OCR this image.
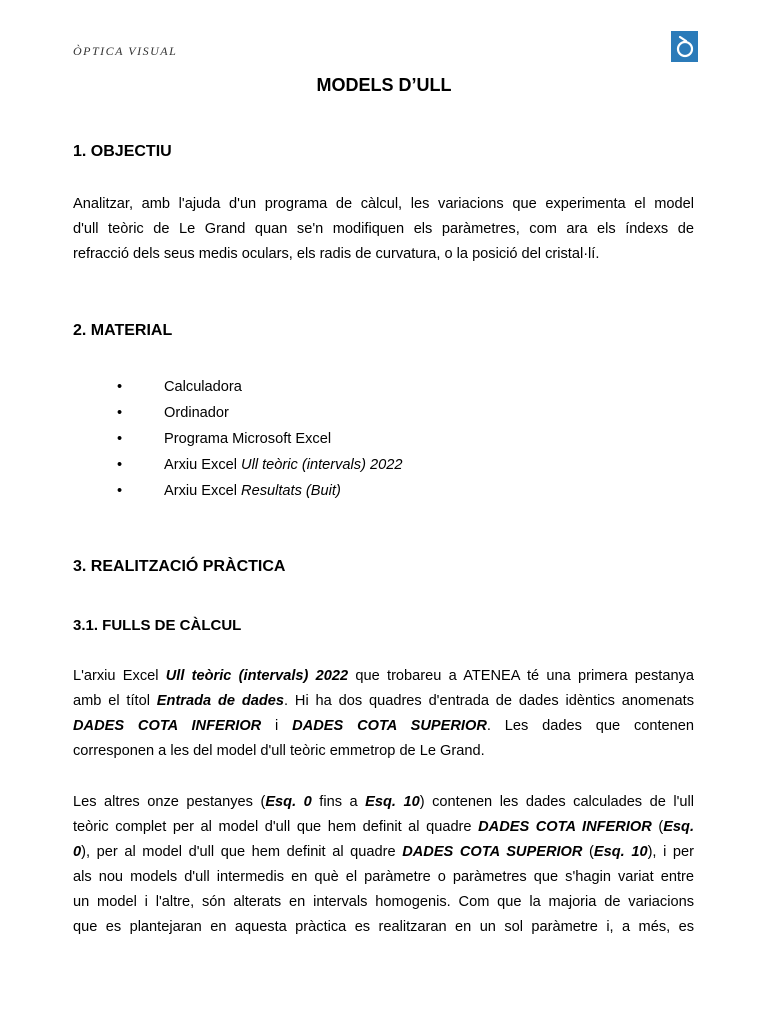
ÒPTICA VISUAL
MODELS D’ULL
1. OBJECTIU

Analitzar, amb l'ajuda d'un programa de càlcul, les variacions que experimenta el model
d'ull teòric de Le Grand quan se'n modifiquen els paràmetres, com ara els índexs de
refracció dels seus medis oculars, els radis de curvatura, o la posició del cristal·lí.

2. MATERIAL
•	Calculadora
•	Ordinador
•	Programa Microsoft Excel
•	Arxiu Excel Ull teòric (intervals) 2022
•	Arxiu Excel Resultats (Buit)
3. REALITZACIÓ PRÀCTICA
3.1. FULLS DE CÀLCUL

L'arxiu Excel Ull teòric (intervals) 2022 que trobareu a ATENEA té una primera pestanya
amb el títol Entrada de dades. Hi ha dos quadres d'entrada de dades idèntics anomenats
DADES COTA INFERIOR i DADES COTA SUPERIOR. Les dades que contenen
corresponen a les del model d'ull teòric emmetrop de Le Grand.

Les altres onze pestanyes (Esq. 0 fins a Esq. 10) contenen les dades calculades de l'ull
teòric complet per al model d'ull que hem definit al quadre DADES COTA INFERIOR (Esq.
0), per al model d'ull que hem definit al quadre DADES COTA SUPERIOR (Esq. 10), i per
als nou models d'ull intermedis en què el paràmetre o paràmetres que s'hagin variat entre
un model i l'altre, són alterats en intervals homogenis. Com que la majoria de variacions
que es plantejaran en aquesta pràctica es realitzaran en un sol paràmetre i, a més, es
